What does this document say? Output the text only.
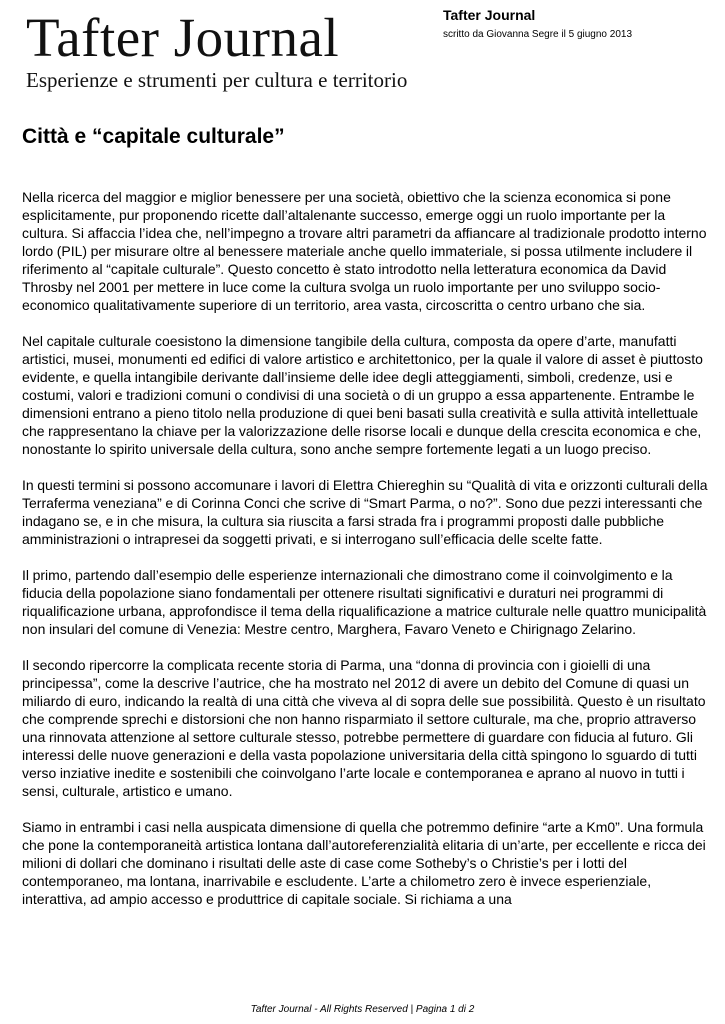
Tafter Journal
Esperienze e strumenti per cultura e territorio
Tafter Journal
scritto da Giovanna Segre il 5 giugno 2013
Città e “capitale culturale”

Nella ricerca del maggior e miglior benessere per una società, obiettivo che la scienza economica si pone esplicitamente, pur proponendo ricette dall’altalenante successo, emerge oggi un ruolo importante per la cultura. Si affaccia l’idea che, nell’impegno a trovare altri parametri da affiancare al tradizionale prodotto interno lordo (PIL) per misurare oltre al benessere materiale anche quello immateriale, si possa utilmente includere il riferimento al “capitale culturale”. Questo concetto è stato introdotto nella letteratura economica da David Throsby nel 2001 per mettere in luce come la cultura svolga un ruolo importante per uno sviluppo socio-economico qualitativamente superiore di un territorio, area vasta, circoscritta o centro urbano che sia.

Nel capitale culturale coesistono la dimensione tangibile della cultura, composta da opere d’arte, manufatti artistici, musei, monumenti ed edifici di valore artistico e architettonico, per la quale il valore di asset è piuttosto evidente, e quella intangibile derivante dall’insieme delle idee degli atteggiamenti, simboli, credenze, usi e costumi, valori e tradizioni comuni o condivisi di una società o di un gruppo a essa appartenente. Entrambe le dimensioni entrano a pieno titolo nella produzione di quei beni basati sulla creatività e sulla attività intellettuale che rappresentano la chiave per la valorizzazione delle risorse locali e dunque della crescita economica e che, nonostante lo spirito universale della cultura, sono anche sempre fortemente legati a un luogo preciso.

In questi termini si possono accomunare i lavori di Elettra Chiereghin su “Qualità di vita e orizzonti culturali della Terraferma veneziana” e di Corinna Conci che scrive di “Smart Parma, o no?”. Sono due pezzi interessanti che indagano se, e in che misura, la cultura sia riuscita a farsi strada fra i programmi proposti dalle pubbliche amministrazioni o intrapresei da soggetti privati, e si interrogano sull’efficacia delle scelte fatte.

Il primo, partendo dall’esempio delle esperienze internazionali che dimostrano come il coinvolgimento e la fiducia della popolazione siano fondamentali per ottenere risultati significativi e duraturi nei programmi di riqualificazione urbana, approfondisce il tema della riqualificazione a matrice culturale nelle quattro municipalità non insulari del comune di Venezia: Mestre centro, Marghera, Favaro Veneto e Chirignago Zelarino.

Il secondo ripercorre la complicata recente storia di Parma, una “donna di provincia con i gioielli di una principessa”, come la descrive l’autrice, che ha mostrato nel 2012 di avere un debito del Comune di quasi un miliardo di euro, indicando la realtà di una città che viveva al di sopra delle sue possibilità. Questo è un risultato che comprende sprechi e distorsioni che non hanno risparmiato il settore culturale, ma che, proprio attraverso una rinnovata attenzione al settore culturale stesso, potrebbe permettere di guardare con fiducia al futuro. Gli interessi delle nuove generazioni e della vasta popolazione universitaria della città spingono lo sguardo di tutti verso inziative inedite e sostenibili che coinvolgano l’arte locale e contemporanea e aprano al nuovo in tutti i sensi, culturale, artistico e umano.

Siamo in entrambi i casi nella auspicata dimensione di quella che potremmo definire “arte a Km0”. Una formula che pone la contemporaneità artistica lontana dall’autoreferenzialità elitaria di un’arte, per eccellente e ricca dei milioni di dollari che dominano i risultati delle aste di case come Sotheby’s o Christie’s per i lotti del contemporaneo, ma lontana, inarrivabile e escludente. L’arte a chilometro zero è invece esperienziale, interattiva, ad ampio accesso e produttrice di capitale sociale. Si richiama a una

Tafter Journal - All Rights Reserved | Pagina 1 di 2
